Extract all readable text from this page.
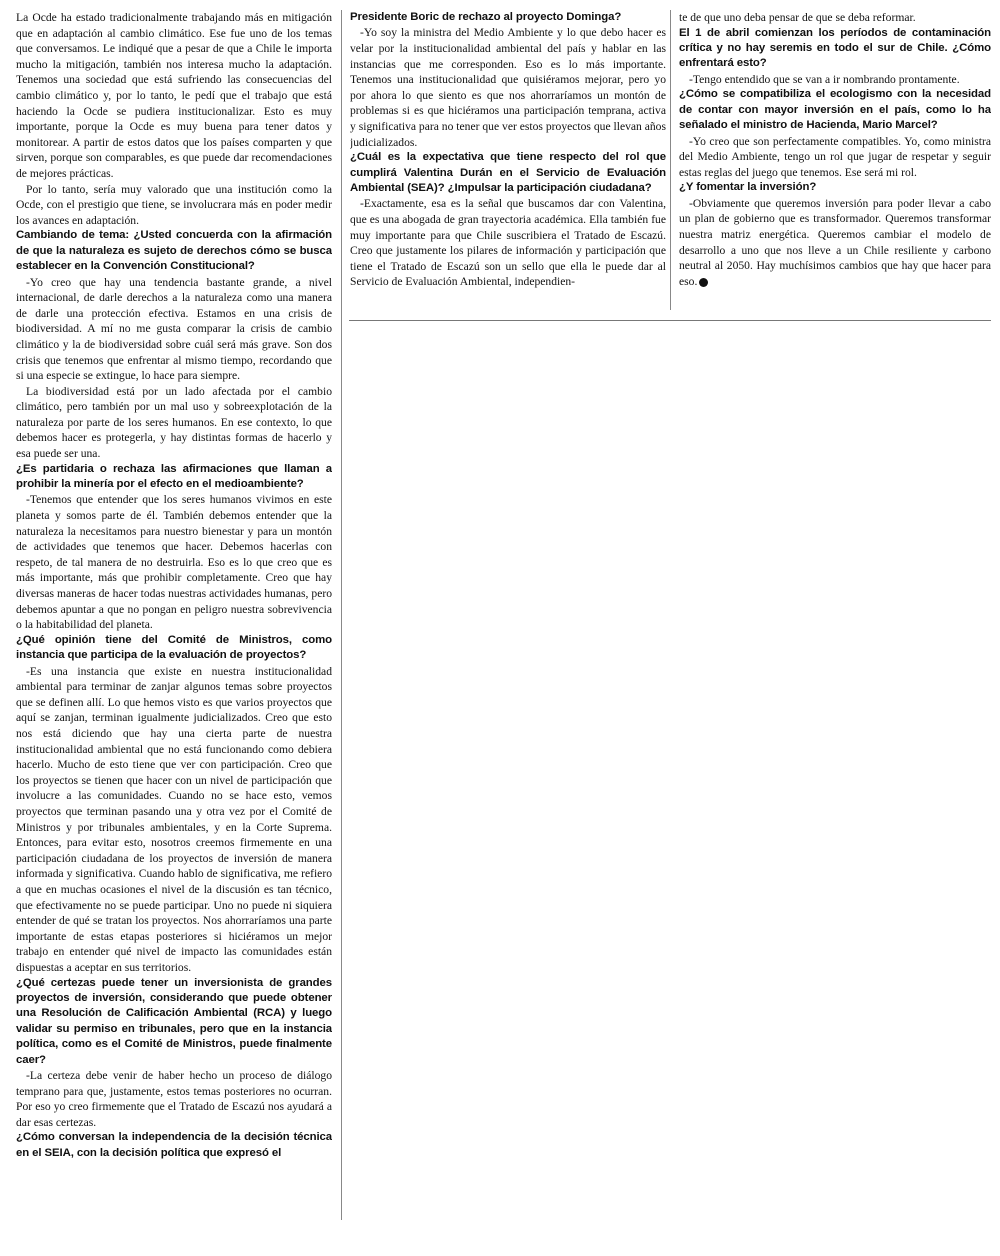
La Ocde ha estado tradicionalmente trabajando más en mitigación que en adaptación al cambio climático. Ese fue uno de los temas que conversamos. Le indiqué que a pesar de que a Chile le importa mucho la mitigación, también nos interesa mucho la adaptación. Tenemos una sociedad que está sufriendo las consecuencias del cambio climático y, por lo tanto, le pedí que el trabajo que está haciendo la Ocde se pudiera institucionalizar. Esto es muy importante, porque la Ocde es muy buena para tener datos y monitorear. A partir de estos datos que los países comparten y que sirven, porque son comparables, es que puede dar recomendaciones de mejores prácticas.

Por lo tanto, sería muy valorado que una institución como la Ocde, con el prestigio que tiene, se involucrara más en poder medir los avances en adaptación.

Cambiando de tema: ¿Usted concuerda con la afirmación de que la naturaleza es sujeto de derechos cómo se busca establecer en la Convención Constitucional?

-Yo creo que hay una tendencia bastante grande, a nivel internacional, de darle derechos a la naturaleza como una manera de darle una protección efectiva. Estamos en una crisis de biodiversidad. A mí no me gusta comparar la crisis de cambio climático y la de biodiversidad sobre cuál será más grave. Son dos crisis que tenemos que enfrentar al mismo tiempo, recordando que si una especie se extingue, lo hace para siempre.

La biodiversidad está por un lado afectada por el cambio climático, pero también por un mal uso y sobreexplotación de la naturaleza por parte de los seres humanos. En ese contexto, lo que debemos hacer es protegerla, y hay distintas formas de hacerlo y esa puede ser una.

¿Es partidaria o rechaza las afirmaciones que llaman a prohibir la minería por el efecto en el medioambiente?

-Tenemos que entender que los seres humanos vivimos en este planeta y somos parte de él. También debemos entender que la naturaleza la necesitamos para nuestro bienestar y para un montón de actividades que tenemos que hacer. Debemos hacerlas con respeto, de tal manera de no destruirla. Eso es lo que creo que es más importante, más que prohibir completamente. Creo que hay diversas maneras de hacer todas nuestras actividades humanas, pero debemos apuntar a que no pongan en peligro nuestra sobrevivencia o la habitabilidad del planeta.

¿Qué opinión tiene del Comité de Ministros, como instancia que participa de la evaluación de proyectos?

-Es una instancia que existe en nuestra institucionalidad ambiental para terminar de zanjar algunos temas sobre proyectos que se definen allí. Lo que hemos visto es que varios proyectos que aquí se zanjan, terminan igualmente judicializados. Creo que esto nos está diciendo que hay una cierta parte de nuestra institucionalidad ambiental que no está funcionando como debiera hacerlo. Mucho de esto tiene que ver con participación. Creo que los proyectos se tienen que hacer con un nivel de participación que involucre a las comunidades. Cuando no se hace esto, vemos proyectos que terminan pasando una y otra vez por el Comité de Ministros y por tribunales ambientales, y en la Corte Suprema. Entonces, para evitar esto, nosotros creemos firmemente en una participación ciudadana de los proyectos de inversión de manera informada y significativa. Cuando hablo de significativa, me refiero a que en muchas ocasiones el nivel de la discusión es tan técnico, que efectivamente no se puede participar. Uno no puede ni siquiera entender de qué se tratan los proyectos. Nos ahorraríamos una parte importante de estas etapas posteriores si hiciéramos un mejor trabajo en entender qué nivel de impacto las comunidades están dispuestas a aceptar en sus territorios.

¿Qué certezas puede tener un inversionista de grandes proyectos de inversión, considerando que puede obtener una Resolución de Calificación Ambiental (RCA) y luego validar su permiso en tribunales, pero que en la instancia política, como es el Comité de Ministros, puede finalmente caer?

-La certeza debe venir de haber hecho un proceso de diálogo temprano para que, justamente, estos temas posteriores no ocurran. Por eso yo creo firmemente que el Tratado de Escazú nos ayudará a dar esas certezas.

¿Cómo conversan la independencia de la decisión técnica en el SEIA, con la decisión política que expresó el

Presidente Boric de rechazo al proyecto Dominga?

-Yo soy la ministra del Medio Ambiente y lo que debo hacer es velar por la institucionalidad ambiental del país y hablar en las instancias que me corresponden. Eso es lo más importante. Tenemos una institucionalidad que quisiéramos mejorar, pero yo por ahora lo que siento es que nos ahorraríamos un montón de problemas si es que hiciéramos una participación temprana, activa y significativa para no tener que ver estos proyectos que llevan años judicializados.

¿Cuál es la expectativa que tiene respecto del rol que cumplirá Valentina Durán en el Servicio de Evaluación Ambiental (SEA)? ¿Impulsar la participación ciudadana?

-Exactamente, esa es la señal que buscamos dar con Valentina, que es una abogada de gran trayectoria académica. Ella también fue muy importante para que Chile suscribiera el Tratado de Escazú. Creo que justamente los pilares de información y participación que tiene el Tratado de Escazú son un sello que ella le puede dar al Servicio de Evaluación Ambiental, independien-

te de que uno deba pensar de que se deba reformar.

El 1 de abril comienzan los períodos de contaminación crítica y no hay seremis en todo el sur de Chile. ¿Cómo enfrentará esto?

-Tengo entendido que se van a ir nombrando prontamente.

¿Cómo se compatibiliza el ecologismo con la necesidad de contar con mayor inversión en el país, como lo ha señalado el ministro de Hacienda, Mario Marcel?

-Yo creo que son perfectamente compatibles. Yo, como ministra del Medio Ambiente, tengo un rol que jugar de respetar y seguir estas reglas del juego que tenemos. Ese será mi rol.

¿Y fomentar la inversión?

-Obviamente que queremos inversión para poder llevar a cabo un plan de gobierno que es transformador. Queremos transformar nuestra matriz energética. Queremos cambiar el modelo de desarrollo a uno que nos lleve a un Chile resiliente y carbono neutral al 2050. Hay muchísimos cambios que hay que hacer para eso. ●
